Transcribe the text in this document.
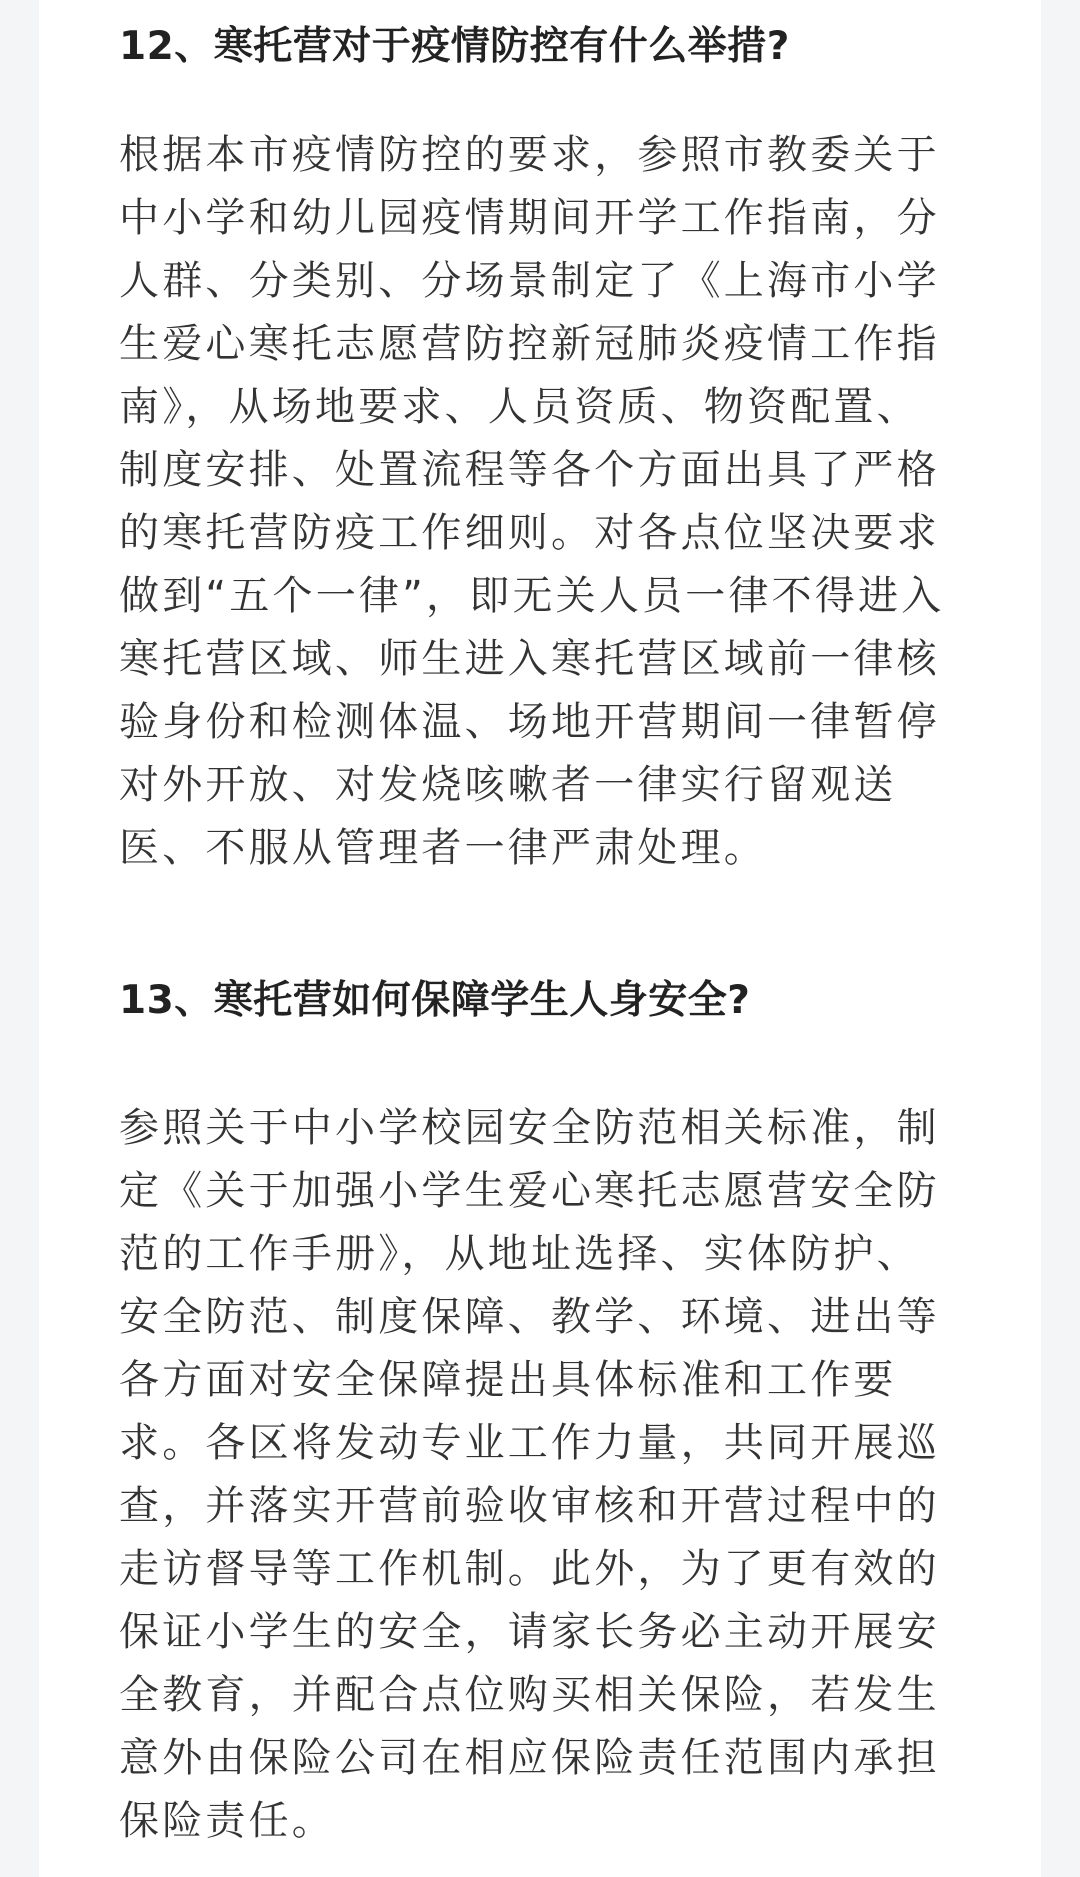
12、寒托营对于疫情防控有什么举措?
根据本市疫情防控的要求，参照市教委关于
中小学和幼儿园疫情期间开学工作指南，分
人群、分类别、分场景制定了《上海市小学
生爱心寒托志愿营防控新冠肺炎疫情工作指
南》，从场地要求、人员资质、物资配置、
制度安排、处置流程等各个方面出具了严格
的寒托营防疫工作细则。对各点位坚决要求
做到“五个一律”，即无关人员一律不得进入
寒托营区域、师生进入寒托营区域前一律核
验身份和检测体温、场地开营期间一律暂停
对外开放、对发烧咳嗽者一律实行留观送
医、不服从管理者一律严肃处理。
13、寒托营如何保障学生人身安全?
参照关于中小学校园安全防范相关标准，制
定《关于加强小学生爱心寒托志愿营安全防
范的工作手册》，从地址选择、实体防护、
安全防范、制度保障、教学、环境、进出等
各方面对安全保障提出具体标准和工作要
求。各区将发动专业工作力量，共同开展巡
查，并落实开营前验收审核和开营过程中的
走访督导等工作机制。此外，为了更有效的
保证小学生的安全，请家长务必主动开展安
全教育，并配合点位购买相关保险，若发生
意外由保险公司在相应保险责任范围内承担
保险责任。
